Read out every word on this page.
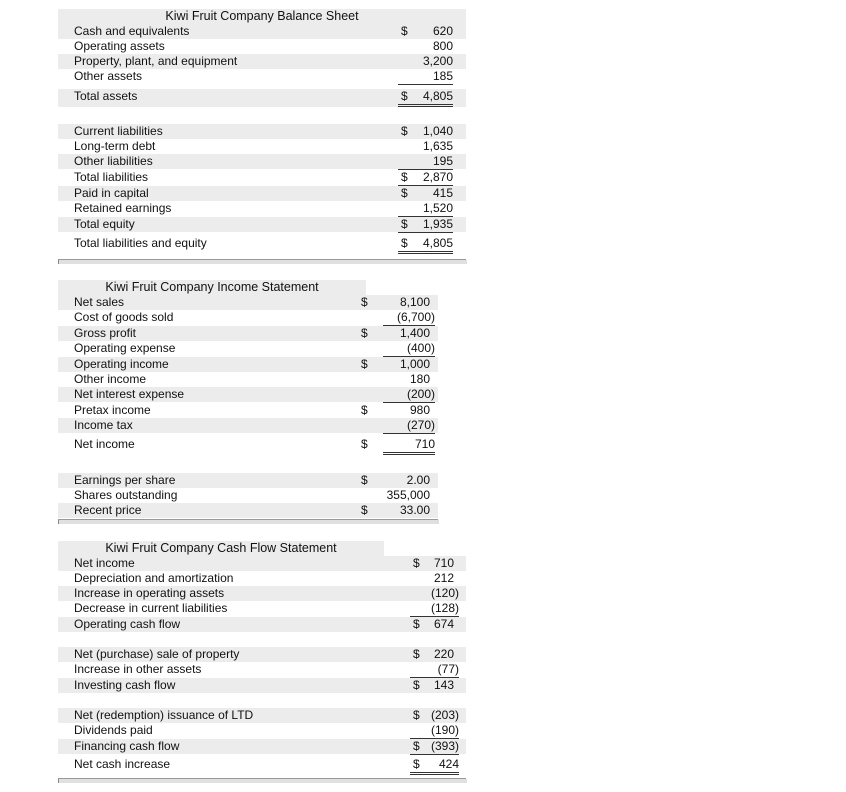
Kiwi Fruit Company Balance Sheet
Cash and equivalents	$	620
Operating assets	800
Property, plant, and equipment	3,200
Other assets	185
Total assets	$	4,805
Current liabilities	$	1,040
Long-term debt	1,635
Other liabilities	195
Total liabilities	$	2,870
Paid in capital	$	415
Retained earnings	1,520
Total equity	$	1,935
Total liabilities and equity	$	4,805
Kiwi Fruit Company Income Statement
Net sales	$	8,100
Cost of goods sold	(6,700)
Gross profit	$	1,400
Operating expense	(400)
Operating income	$	1,000
Other income	180
Net interest expense	(200)
Pretax income	$	980
Income tax	(270)
Net income	$	710
Earnings per share	$	2.00
Shares outstanding	355,000
Recent price	$	33.00
Kiwi Fruit Company Cash Flow Statement
Net income	$	710
Depreciation and amortization	212
Increase in operating assets	(120)
Decrease in current liabilities	(128)
Operating cash flow	$	674
Net (purchase) sale of property	$	220
Increase in other assets	(77)
Investing cash flow	$	143
Net (redemption) issuance of LTD	$ (203)
Dividends paid	(190)
Financing cash flow	$ (393)
Net cash increase	$	424
